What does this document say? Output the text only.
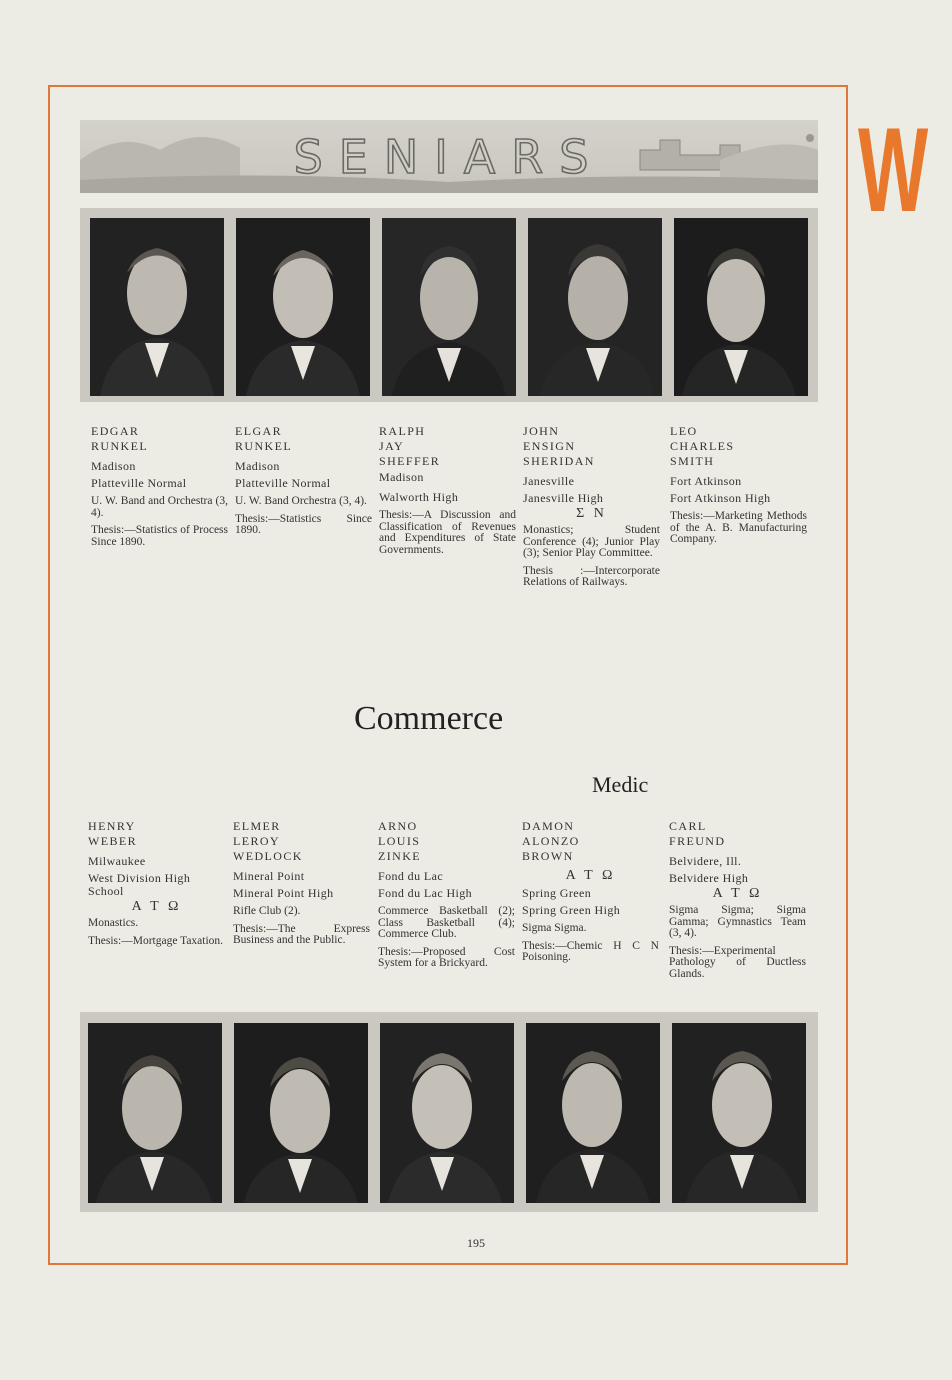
W
SENIARS
EDGAR
RUNKEL
Madison
Platteville Normal
U. W. Band and Orchestra (3, 4).
Thesis:—Statistics of Process Since 1890.
ELGAR
RUNKEL
Madison
Platteville Normal
U. W. Band Orchestra (3, 4).
Thesis:—Statistics Since 1890.
RALPH
JAY
SHEFFER
Madison
Walworth High
Thesis:—A Discussion and Classification of Revenues and Expenditures of State Governments.
JOHN
ENSIGN
SHERIDAN
Janesville
Janesville High
Σ N
Monastics; Student Conference (4); Junior Play (3); Senior Play Committee.
Thesis :—Intercorporate Relations of Railways.
LEO
CHARLES
SMITH
Fort Atkinson
Fort Atkinson High
Thesis:—Marketing Methods of the A. B. Manufacturing Company.
Commerce
Medic
HENRY
WEBER
Milwaukee
West Division High School
A T Ω
Monastics.
Thesis:—Mortgage Taxation.
ELMER
LEROY
WEDLOCK
Mineral Point
Mineral Point High
Rifle Club (2).
Thesis:—The Express Business and the Public.
ARNO
LOUIS
ZINKE
Fond du Lac
Fond du Lac High
Commerce Basketball (2); Class Basketball (4); Commerce Club.
Thesis:—Proposed Cost System for a Brickyard.
DAMON
ALONZO
BROWN
A T Ω
Spring Green
Spring Green High
Sigma Sigma.
Thesis:—Chemic H C N Poisoning.
CARL
FREUND
Belvidere, Ill.
Belvidere High
A T Ω
Sigma Sigma; Sigma Gamma; Gymnastics Team (3, 4).
Thesis:—Experimental Pathology of Ductless Glands.
195
